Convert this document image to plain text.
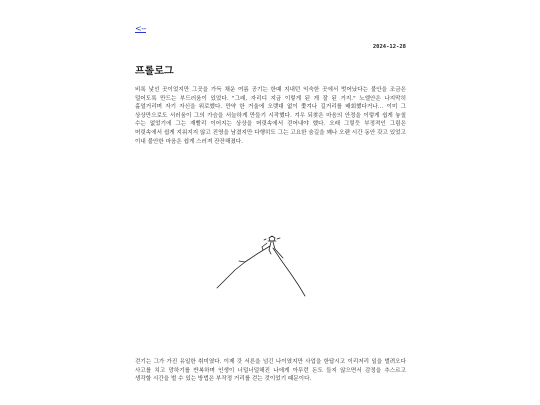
<--
2024-12-28
프롤로그

비록 낯선 곳이었지만 그곳을 가득 채운 여름 공기는 한때 지내던 익숙한 곳에서 벗어났다는 불안을 조금은 덜어도록 만드는 부드러움이 있었다. "그래, 자리디 지금 이렇게 된 게 잘 된 거지." 노엘안은 나지막히 홀얼거리며 자기 자신을 위로했다. 만약 한 거울에 오랫대 없이 쫓겨나 길거리를 배회했다거나… 이미 그 상상만으로도 서러움이 그의 가슴을 서늘하게 만들기 시작했다. 겨우 되찾은 마음의 안정을 이렇게 쉽게 놓칠 수는 없었기에 그는 재빨리 이어지는 상상을 머릿속에서 걷어내야 했다. 오래 그렇듯 부정적인 그림은 머릿속에서 쉽게 지워지지 않고 진영을 남겼지만 다행히도 그는 고요한 숨길을 꽤나 오랜 시간 동안 갖고 있었고 이내 불안한 마음은 쉽게 스러져 잔잔해졌다.

걷기는 그가 가진 유일한 취미였다. 이제 갓 서른을 넘긴 나이였지만 사업을 한답시고 이리저리 일을 벌려오다 사고를 치고 망하기를 반복하며 인생이 너덜너덜해진 나에게 아무런 돈도 들지 않으면서 감정을 추스르고 생각할 시간을 벌 수 있는 방법은 부작정 거리를 걷는 것이었기 때문이다.
